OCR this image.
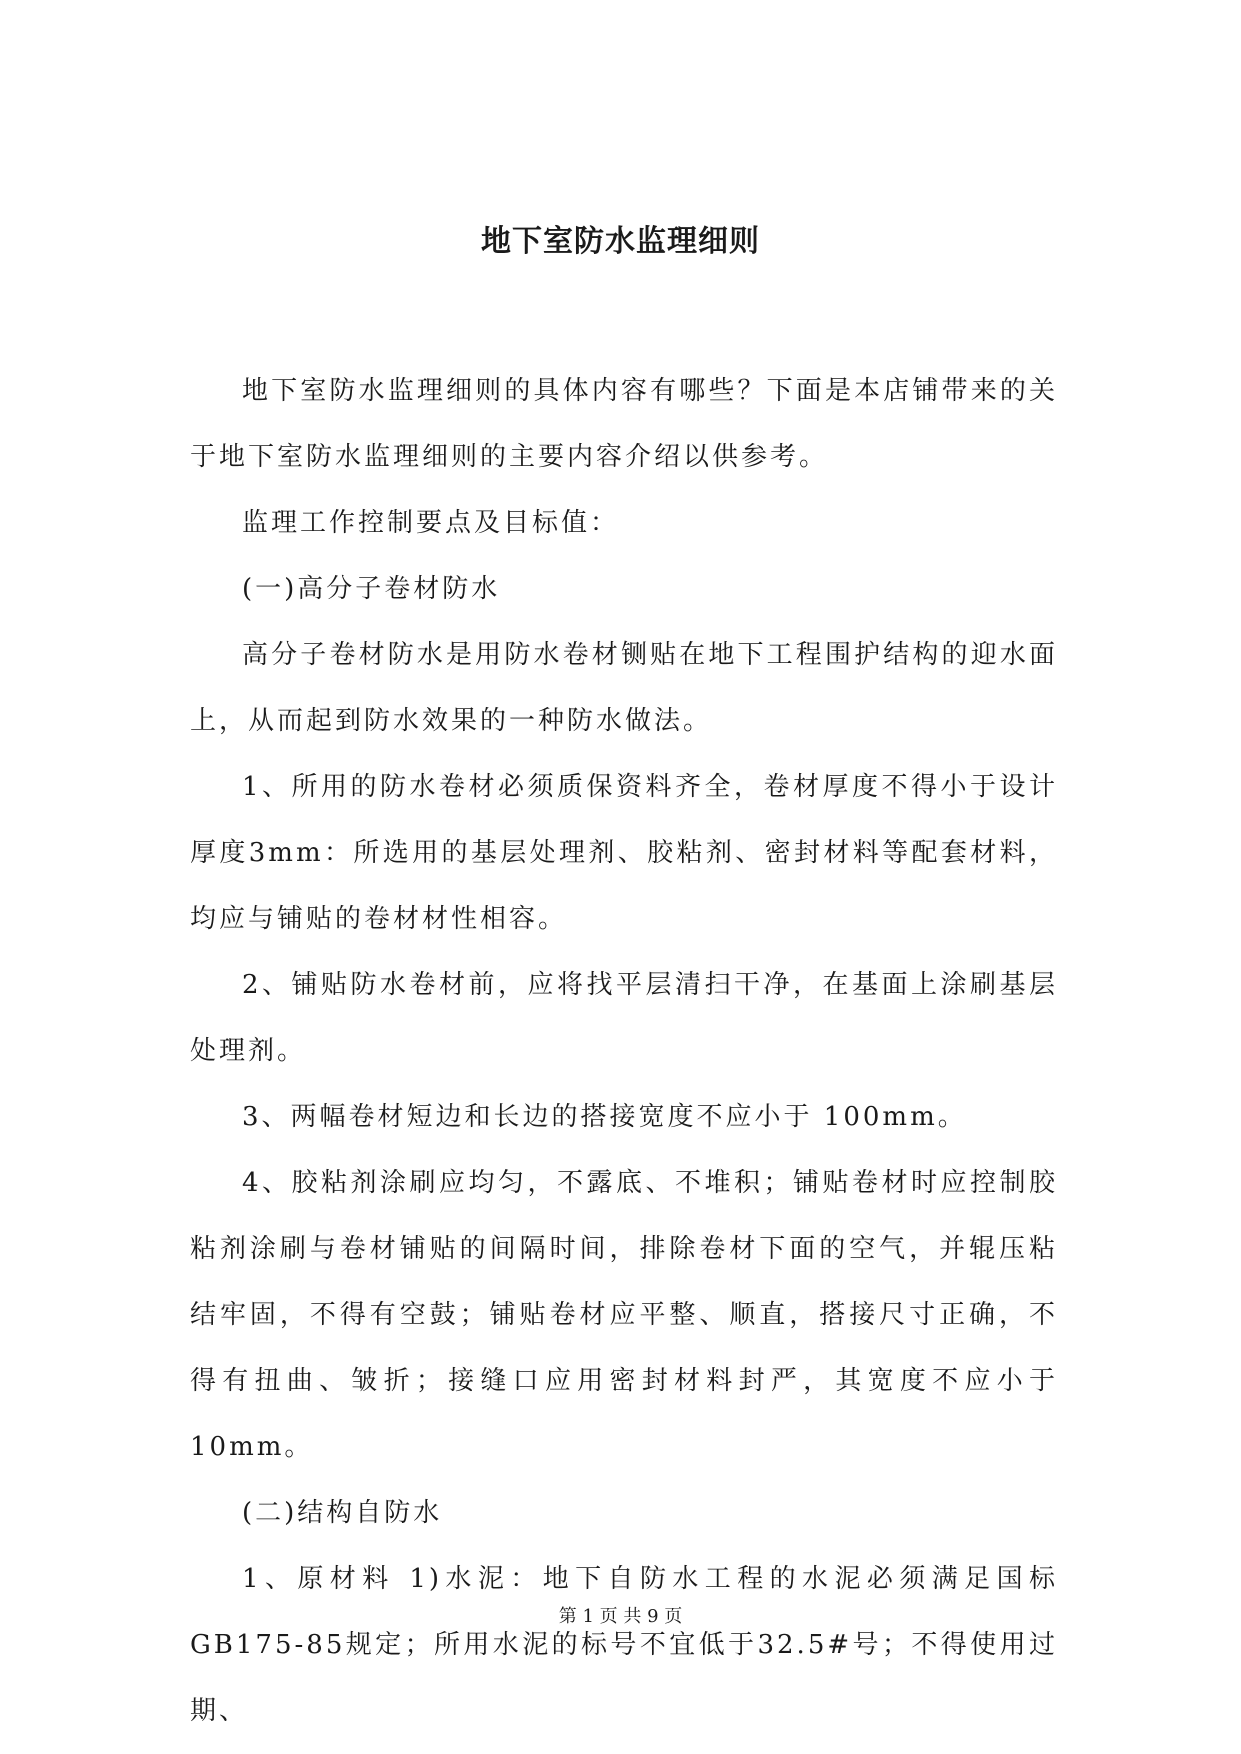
地下室防水监理细则

地下室防水监理细则的具体内容有哪些？下面是本店铺带来的关于地下室防水监理细则的主要内容介绍以供参考。

监理工作控制要点及目标值：

(一)高分子卷材防水

高分子卷材防水是用防水卷材铡贴在地下工程围护结构的迎水面上，从而起到防水效果的一种防水做法。

1、所用的防水卷材必须质保资料齐全，卷材厚度不得小于设计厚度3mm：所选用的基层处理剂、胶粘剂、密封材料等配套材料，均应与铺贴的卷材材性相容。

2、铺贴防水卷材前，应将找平层清扫干净，在基面上涂刷基层处理剂。

3、两幅卷材短边和长边的搭接宽度不应小于 100mm。

4、胶粘剂涂刷应均匀，不露底、不堆积；铺贴卷材时应控制胶粘剂涂刷与卷材铺贴的间隔时间，排除卷材下面的空气，并辊压粘结牢固，不得有空鼓；铺贴卷材应平整、顺直，搭接尺寸正确，不得有扭曲、皱折；接缝口应用密封材料封严，其宽度不应小于10mm。

(二)结构自防水

1、原材料 1)水泥：地下自防水工程的水泥必须满足国标GB175-85规定；所用水泥的标号不宜低于32.5#号；不得使用过期、

第 1 页 共 9 页
